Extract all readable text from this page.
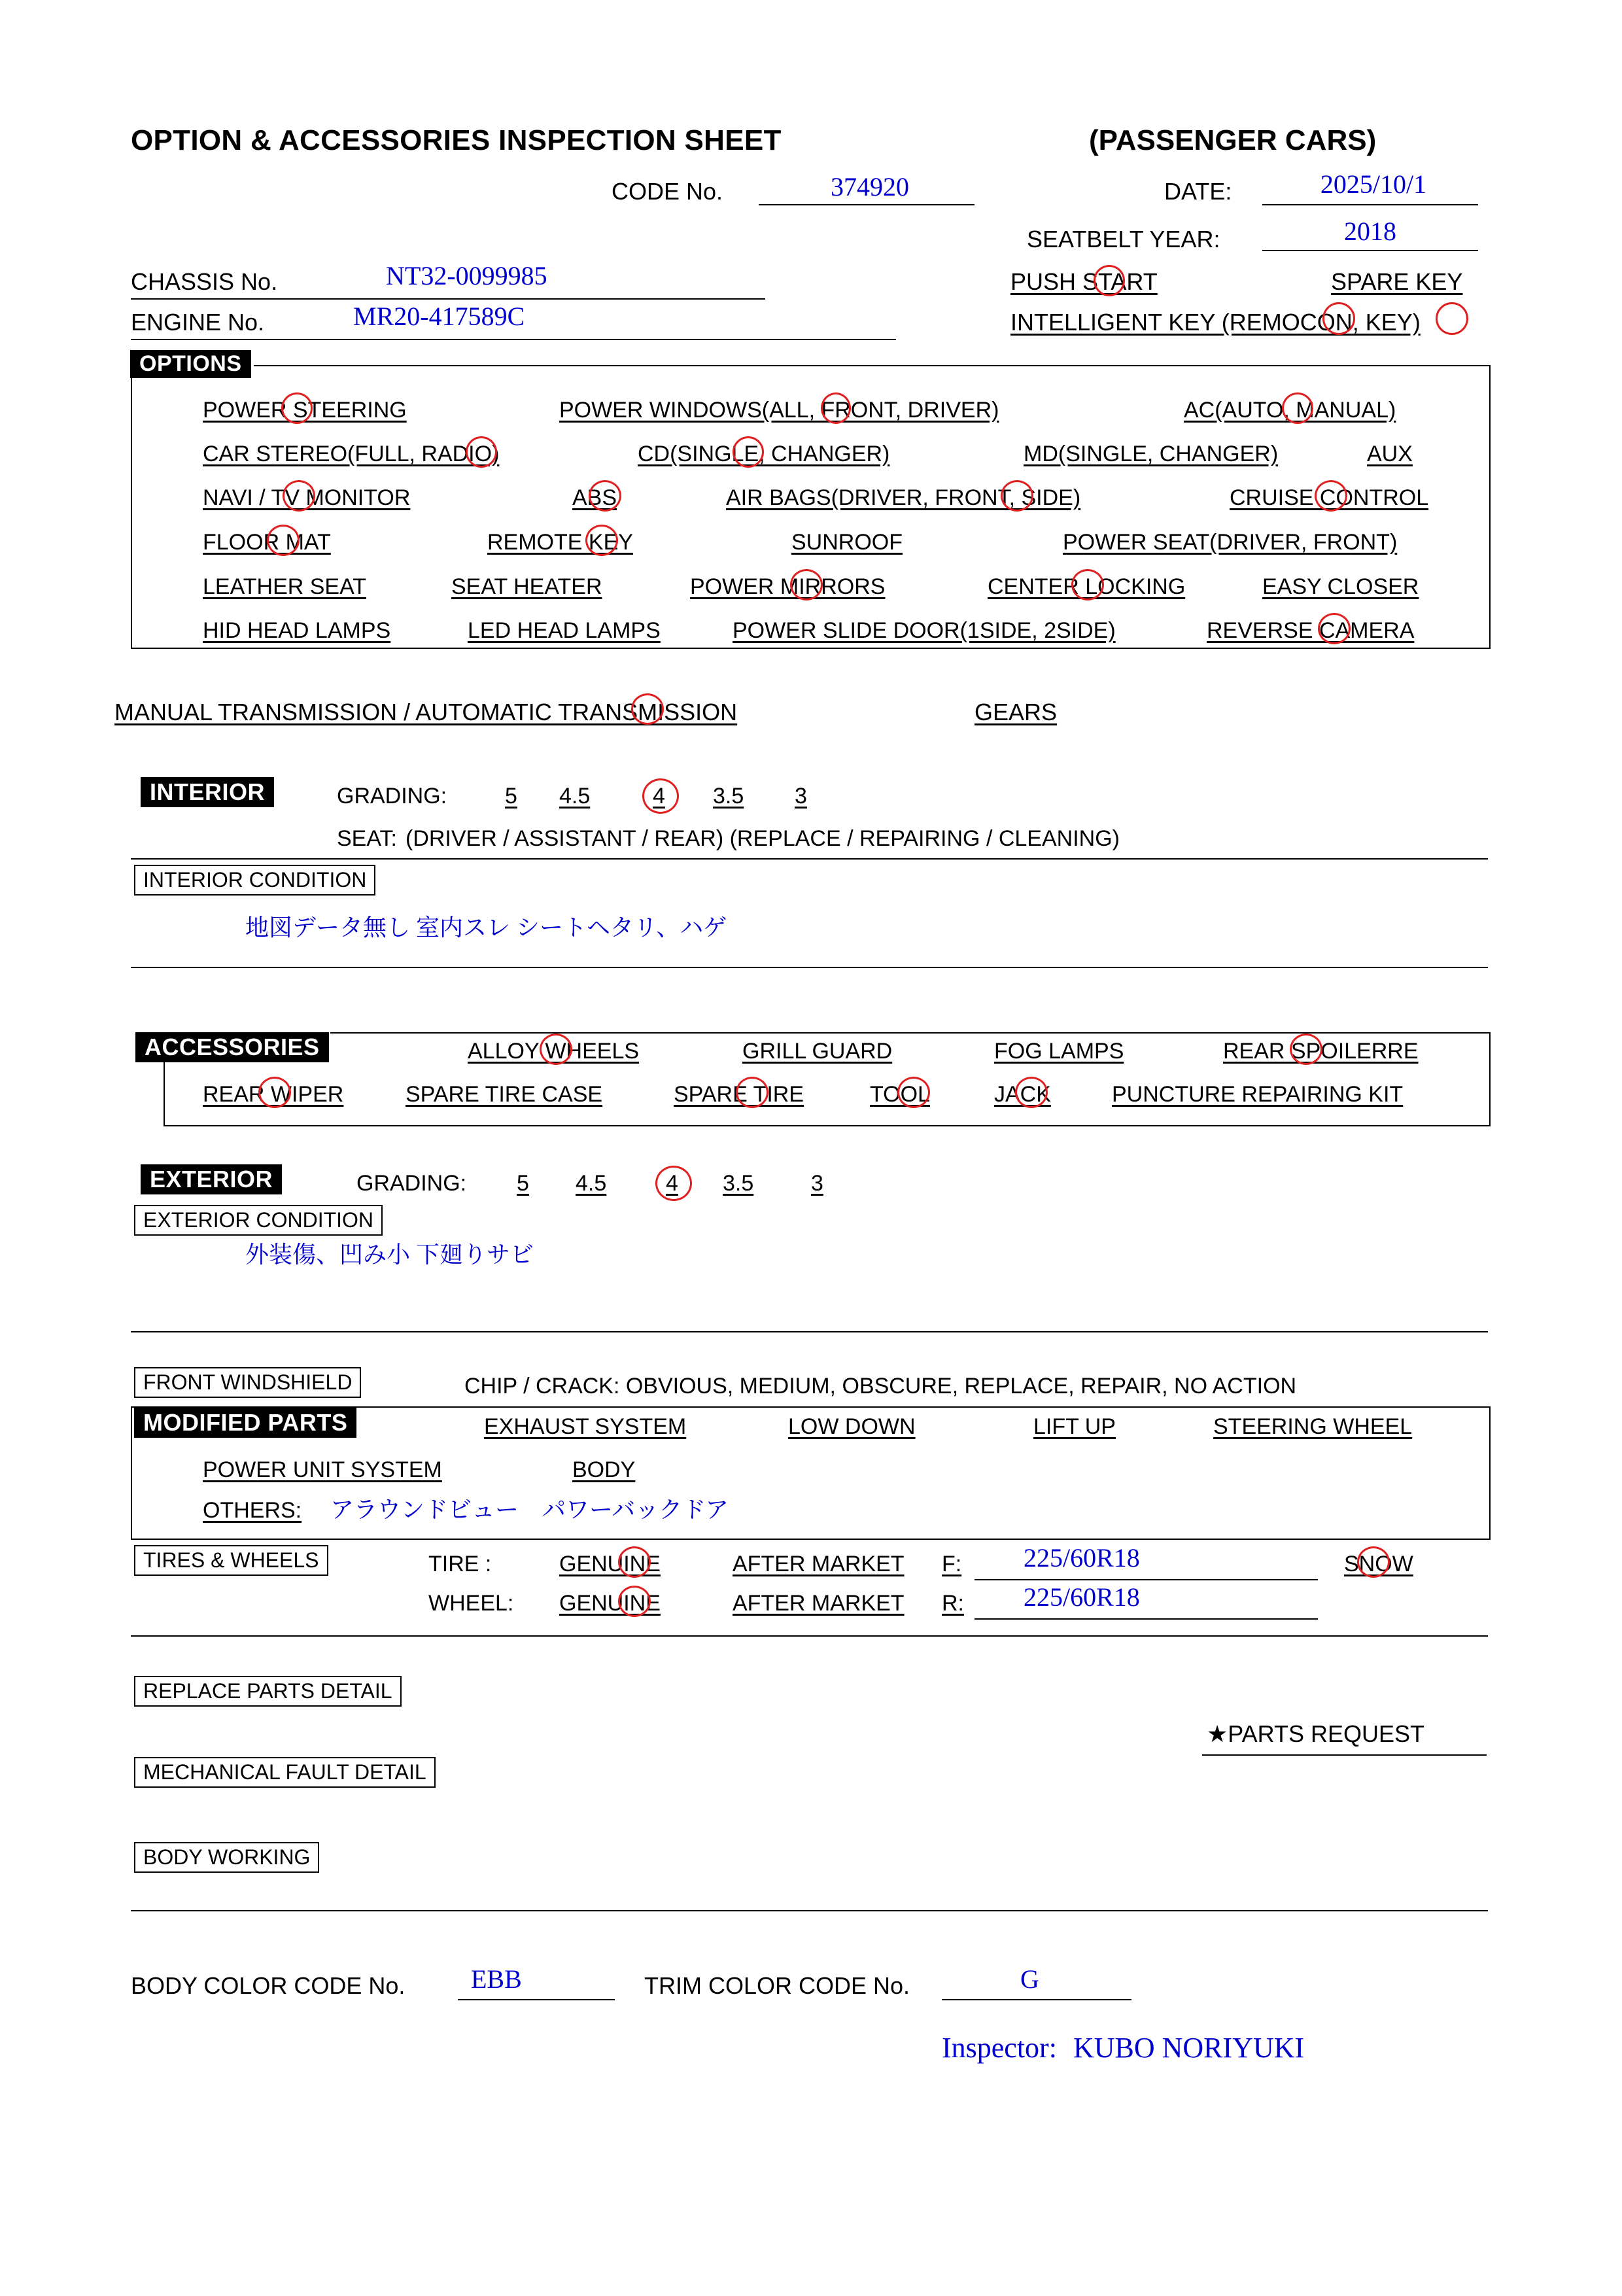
OPTION & ACCESSORIES INSPECTION SHEET	(PASSENGER CARS)
CODE No.	374920	DATE:	2025/10/1
SEATBELT YEAR:	2018
CHASSIS No.	NT32-0099985
ENGINE No.	MR20-417589C
PUSH START	SPARE KEY
INTELLIGENT KEY (REMOCON, KEY)
OPTIONS
POWER STEERING	POWER WINDOWS(ALL, FRONT, DRIVER)	AC(AUTO, MANUAL)
CAR STEREO(FULL, RADIO)	CD(SINGLE, CHANGER)	MD(SINGLE, CHANGER)	AUX
NAVI / TV MONITOR	ABS	AIR BAGS(DRIVER, FRONT, SIDE)	CRUISE CONTROL
FLOOR MAT	REMOTE KEY	SUNROOF	POWER SEAT(DRIVER, FRONT)
LEATHER SEAT	SEAT HEATER	POWER MIRRORS	CENTER LOCKING	EASY CLOSER
HID HEAD LAMPS	LED HEAD LAMPS	POWER SLIDE DOOR(1SIDE, 2SIDE)	REVERSE CAMERA
MANUAL TRANSMISSION / AUTOMATIC TRANSMISSION	GEARS
INTERIOR	GRADING:	5 4.5	4 3.5 3
SEAT: (DRIVER / ASSISTANT / REAR) (REPLACE / REPAIRING / CLEANING)
INTERIOR CONDITION
地図データ無し 室内スレ シートヘタリ、ハゲ
ACCESSORIES	ALLOY WHEELS	GRILL GUARD	FOG LAMPS	REAR SPOILERRE
REAR WIPER	SPARE TIRE CASE	SPARE TIRE	TOOL	JACK	PUNCTURE REPAIRING KIT
EXTERIOR	GRADING: 5 4.5	4 3.5	3
EXTERIOR CONDITION
外装傷、凹み小 下廻りサビ
FRONT WINDSHIELD	CHIP / CRACK: OBVIOUS, MEDIUM, OBSCURE, REPLACE, REPAIR, NO ACTION
MODIFIED PARTS	EXHAUST SYSTEM	LOW DOWN	LIFT UP	STEERING WHEEL
POWER UNIT SYSTEM	BODY
OTHERS: アラウンドビュー　パワーバックドア
TIRES & WHEELS	TIRE :	GENUINE	AFTER MARKET F: 225/60R18	SNOW
WHEEL: GENUINE	AFTER MARKET R: 225/60R18
REPLACE PARTS DETAIL
★PARTS REQUEST
MECHANICAL FAULT DETAIL
BODY WORKING
BODY COLOR CODE No.	EBB	TRIM COLOR CODE No.	G
Inspector: KUBO NORIYUKI
